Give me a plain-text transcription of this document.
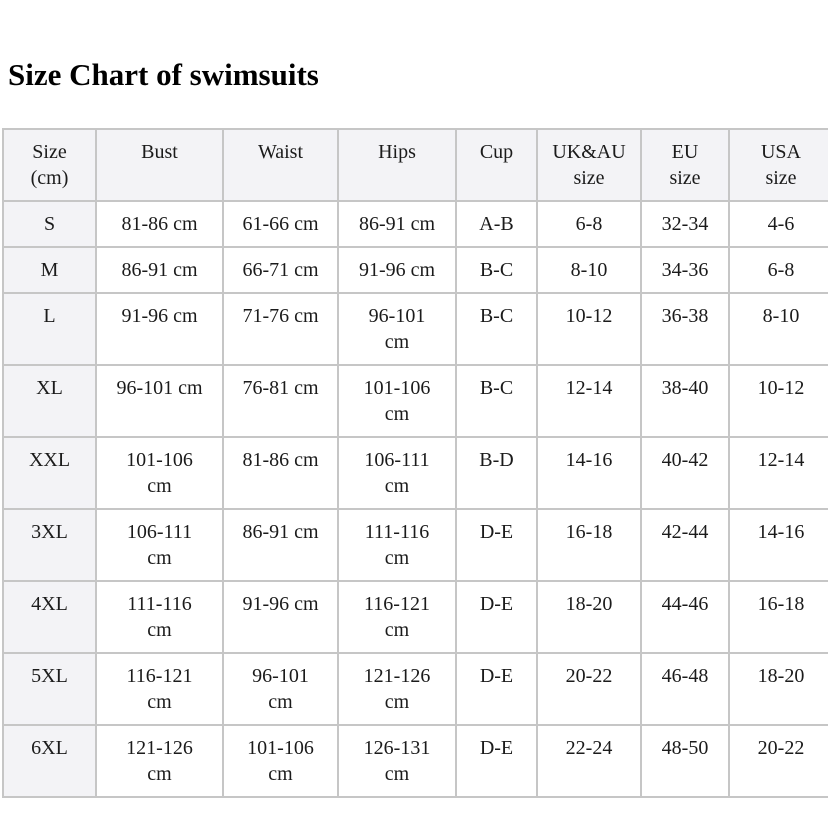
Size Chart of swimsuits
Size (cm)	Bust	Waist	Hips	Cup	UK&AU size	EU size	USA size
S	81-86 cm	61-66 cm	86-91 cm	A-B	6-8	32-34	4-6
M	86-91 cm	66-71 cm	91-96 cm	B-C	8-10	34-36	6-8
L	91-96 cm	71-76 cm	96-101 cm	B-C	10-12	36-38	8-10
XL	96-101 cm	76-81 cm	101-106 cm	B-C	12-14	38-40	10-12
XXL	101-106 cm	81-86 cm	106-111 cm	B-D	14-16	40-42	12-14
3XL	106-111 cm	86-91 cm	111-116 cm	D-E	16-18	42-44	14-16
4XL	111-116 cm	91-96 cm	116-121 cm	D-E	18-20	44-46	16-18
5XL	116-121 cm	96-101 cm	121-126 cm	D-E	20-22	46-48	18-20
6XL	121-126 cm	101-106 cm	126-131 cm	D-E	22-24	48-50	20-22
